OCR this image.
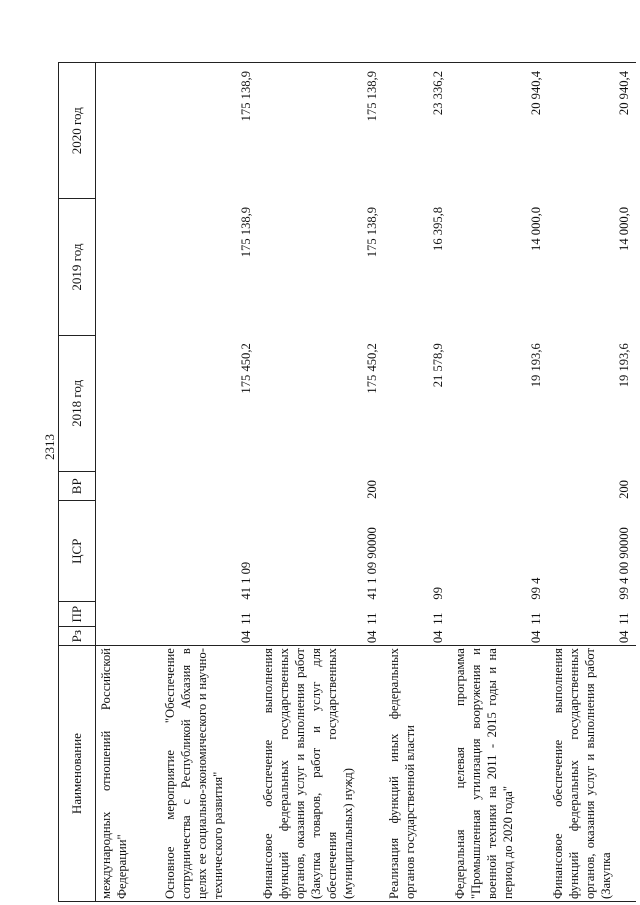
2313
Наименование	Рз	ПР	ЦСР	ВР	2018 год	2019 год	2020 год
международных отношений Российской Федерации"							
Основное мероприятие "Обеспечение сотрудничества с Республикой Абхазия в целях ее социально-экономического и научно-технического развития"	04	11	41 1 09		175 450,2	175 138,9	175 138,9
Финансовое обеспечение выполнения функций федеральных государственных органов, оказания услуг и выполнения работ (Закупка товаров, работ и услуг для обеспечения государственных (муниципальных) нужд)	04	11	41 1 09 90000	200	175 450,2	175 138,9	175 138,9
Реализация функций иных федеральных органов государственной власти	04	11	99		21 578,9	16 395,8	23 336,2
Федеральная целевая программа "Промышленная утилизация вооружения и военной техники на 2011 - 2015 годы и на период до 2020 года"	04	11	99 4		19 193,6	14 000,0	20 940,4
Финансовое обеспечение выполнения функций федеральных государственных органов, оказания услуг и выполнения работ (Закупка	04	11	99 4 00 90000	200	19 193,6	14 000,0	20 940,4
